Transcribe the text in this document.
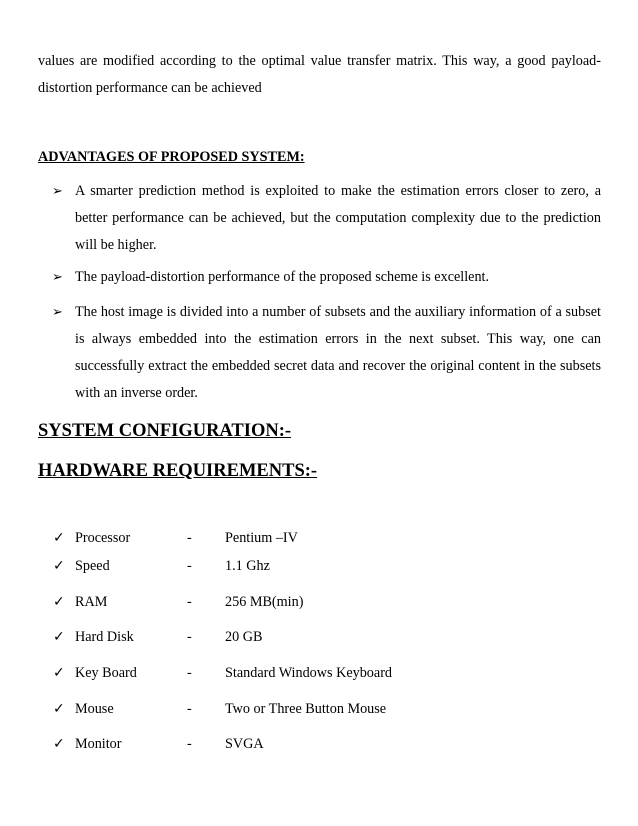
values are modified according to the optimal value transfer matrix. This way, a good payload-distortion performance can be achieved

ADVANTAGES OF PROPOSED SYSTEM:
➢ A smarter prediction method is exploited to make the estimation errors closer to zero, a better performance can be achieved, but the computation complexity due to the prediction will be higher.
➢ The payload-distortion performance of the proposed scheme is excellent.
➢ The host image is divided into a number of subsets and the auxiliary information of a subset is always embedded into the estimation errors in the next subset. This way, one can successfully extract the embedded secret data and recover the original content in the subsets with an inverse order.
SYSTEM CONFIGURATION:-
HARDWARE REQUIREMENTS:-
✓ Processor	- Pentium –IV
✓ Speed	- 1.1 Ghz
✓ RAM	- 256 MB(min)
✓ Hard Disk	- 20 GB
✓ Key Board	- Standard Windows Keyboard
✓ Mouse	- Two or Three Button Mouse
✓ Monitor	- SVGA
